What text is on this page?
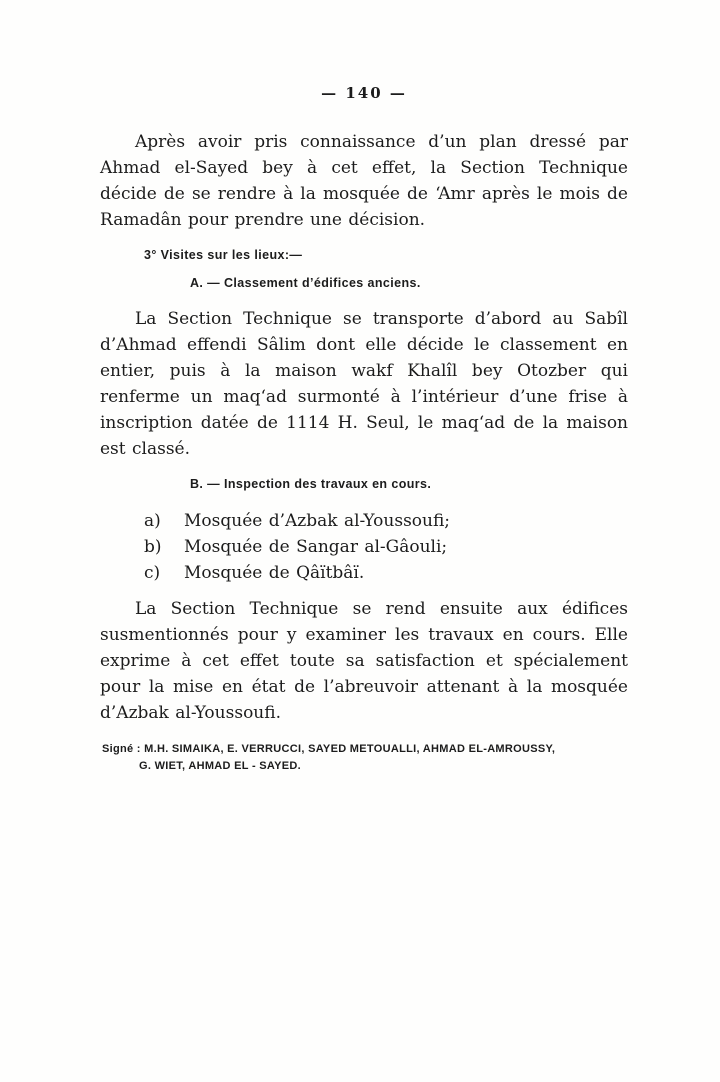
— 140 —

Après avoir pris connaissance d’un plan dressé par Ahmad el-Sayed bey à cet effet, la Section Technique décide de se rendre à la mosquée de ‘Amr après le mois de Ramadân pour prendre une décision.

3° Visites sur les lieux:—
A. — Classement d’édifices anciens.

La Section Technique se transporte d’abord au Sabîl d’Ahmad effendi Sâlim dont elle décide le classement en entier, puis à la maison wakf Khalîl bey Otozber qui renferme un maq‘ad surmonté à l’intérieur d’une frise à inscription datée de 1114 H. Seul, le maq‘ad de la maison est classé.

B. — Inspection des travaux en cours.
a) Mosquée d’Azbak al-Youssoufi;
b) Mosquée de Sangar al-Gâouli;
c) Mosquée de Qâïtbâï.

La Section Technique se rend ensuite aux édifices susmentionnés pour y examiner les travaux en cours. Elle exprime à cet effet toute sa satisfaction et spécialement pour la mise en état de l’abreuvoir attenant à la mosquée d’Azbak al-Youssoufi.

Signé : M.H. SIMAIKA, E. VERRUCCI, SAYED METOUALLI, AHMAD EL-AMROUSSY,
G. WIET, AHMAD EL - SAYED.
